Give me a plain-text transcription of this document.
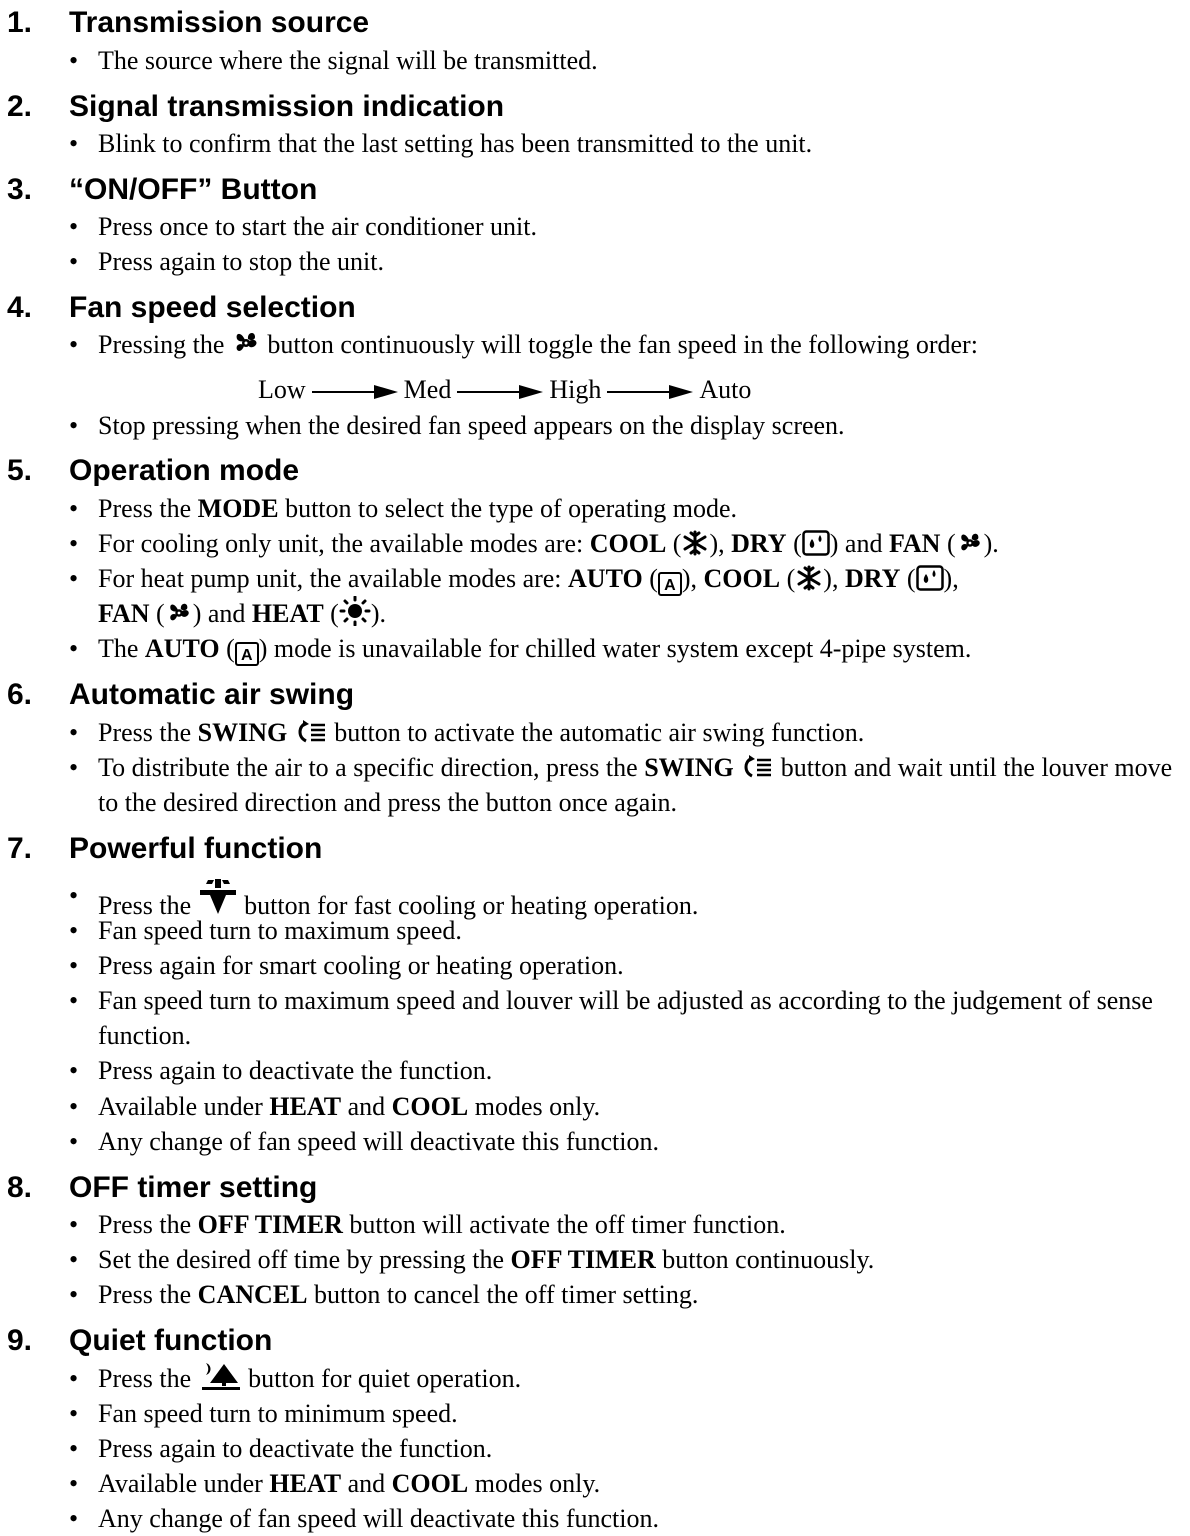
1. Transmission source
• The source where the signal will be transmitted.
2. Signal transmission indication
• Blink to confirm that the last setting has been transmitted to the unit.
3. “ON/OFF” Button
• Press once to start the air conditioner unit.
• Press again to stop the unit.
4. Fan speed selection
• Pressing the button continuously will toggle the fan speed in the following order:
Low	Med	High	Auto
• Stop pressing when the desired fan speed appears on the display screen.
5. Operation mode
• Press the MODE button to select the type of operating mode.
• For cooling only unit, the available modes are: COOL ( ), DRY ( ) and FAN ( ).
• For heat pump unit, the available modes are: AUTO ( A ), COOL ( ), DRY ( ),
FAN ( ) and HEAT ( ).
• The AUTO ( A ) mode is unavailable for chilled water system except 4-pipe system.
6. Automatic air swing
• Press the SWING button to activate the automatic air swing function.
• To distribute the air to a specific direction, press the SWING button and wait until the louver move to the desired direction and press the button once again.
7. Powerful function
• Press the button for fast cooling or heating operation.
• Fan speed turn to maximum speed.
• Press again for smart cooling or heating operation.
• Fan speed turn to maximum speed and louver will be adjusted as according to the judgement of sense function.
• Press again to deactivate the function.
• Available under HEAT and COOL modes only.
• Any change of fan speed will deactivate this function.
8. OFF timer setting
• Press the OFF TIMER button will activate the off timer function.
• Set the desired off time by pressing the OFF TIMER button continuously.
• Press the CANCEL button to cancel the off timer setting.
9. Quiet function
• Press the button for quiet operation.
• Fan speed turn to minimum speed.
• Press again to deactivate the function.
• Available under HEAT and COOL modes only.
• Any change of fan speed will deactivate this function.
